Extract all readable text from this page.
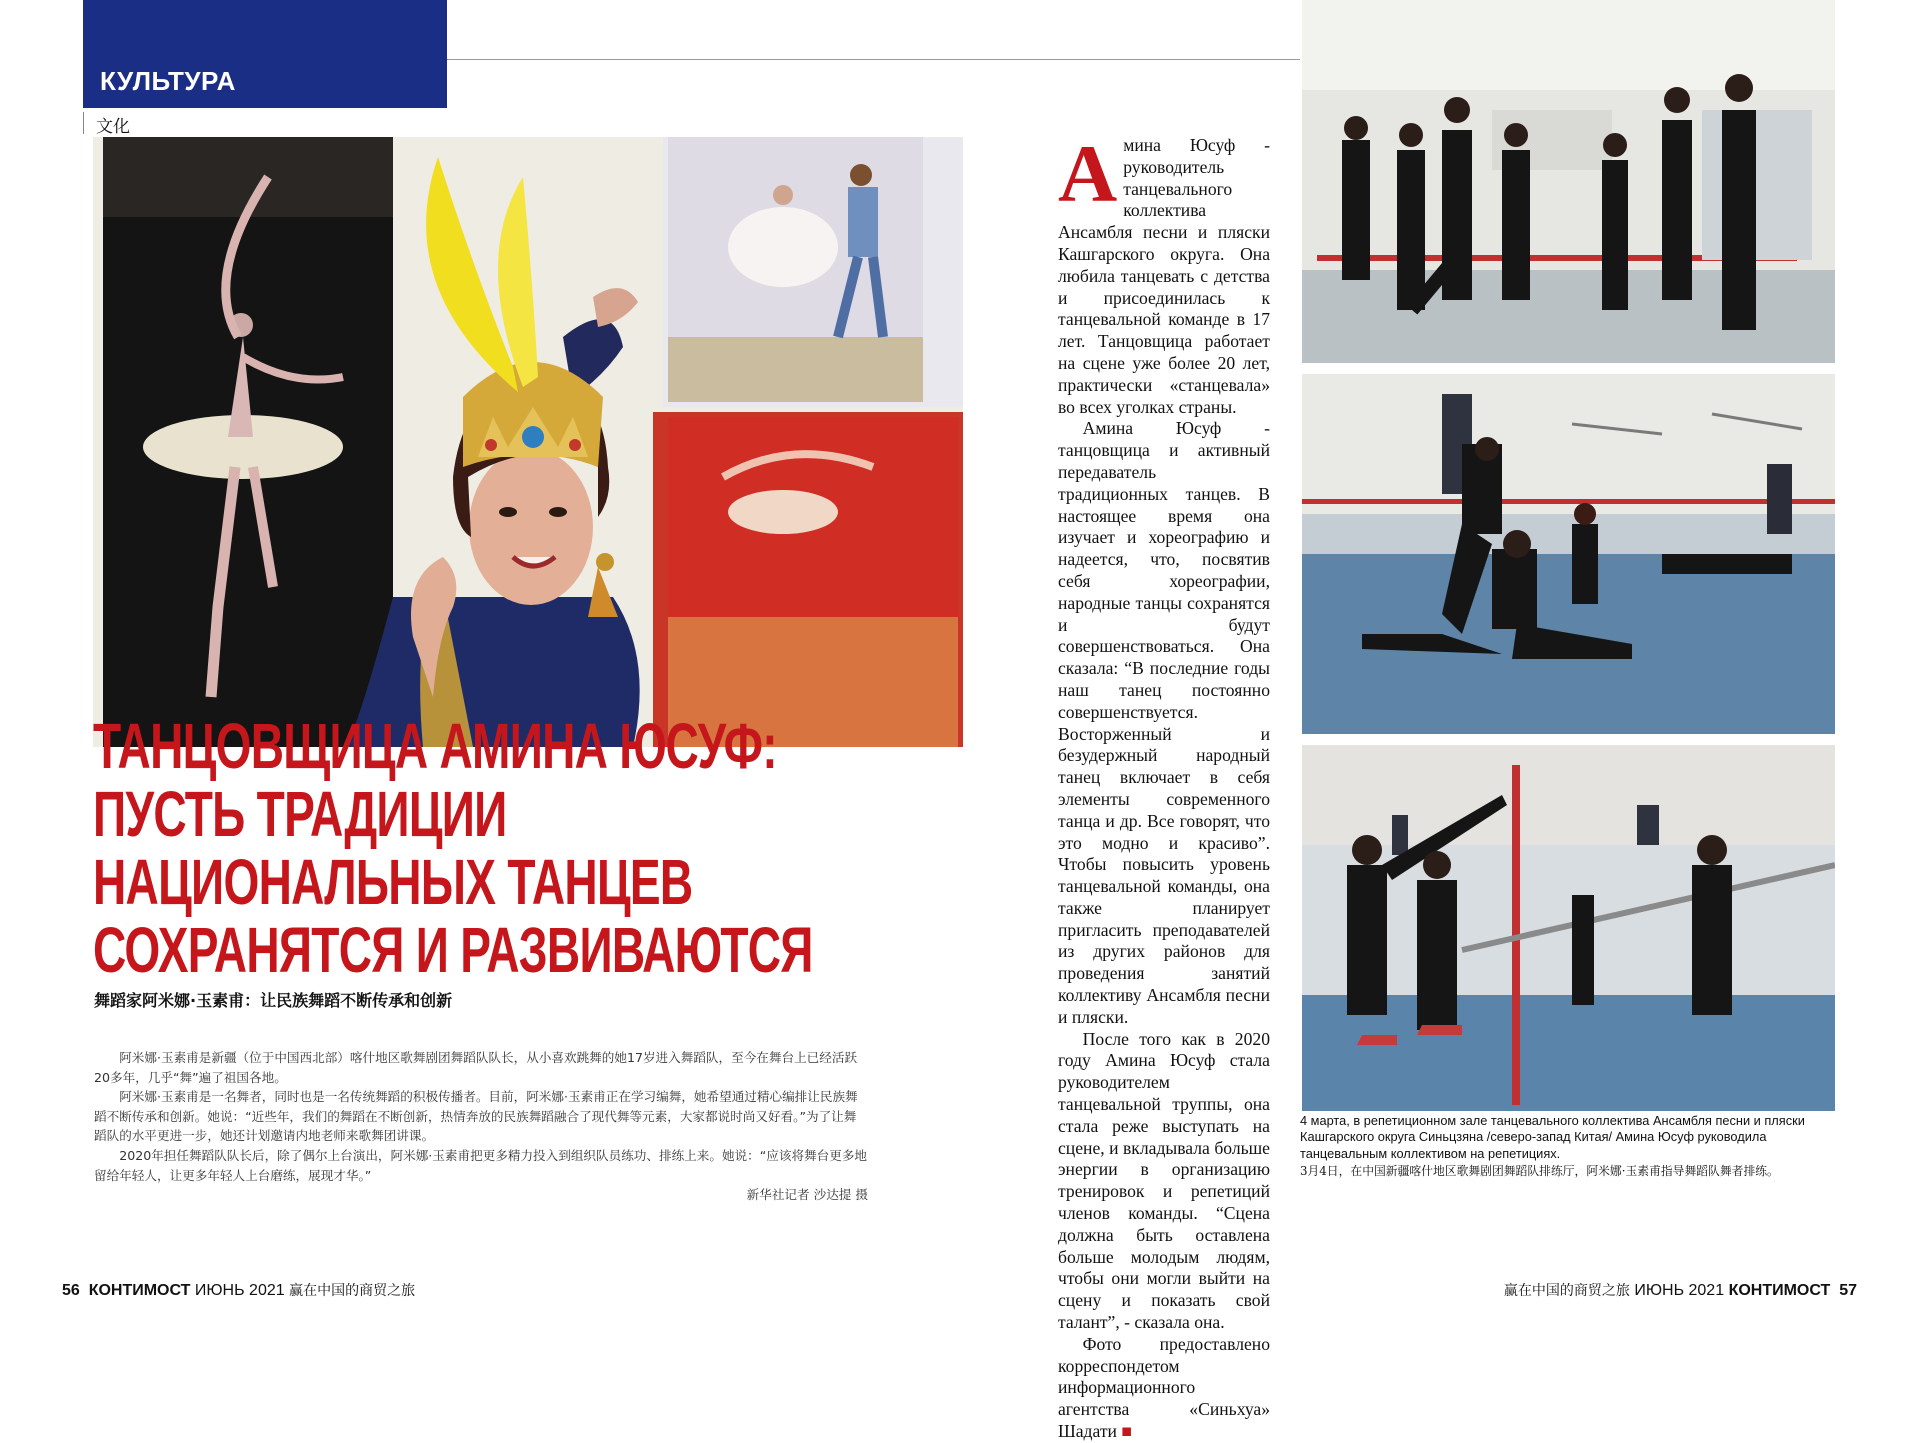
КУЛЬТУРА
文化
ТАНЦОВЩИЦА АМИНА ЮСУФ:
ПУСТЬ ТРАДИЦИИ
НАЦИОНАЛЬНЫХ ТАНЦЕВ
СОХРАНЯТСЯ И РАЗВИВАЮТСЯ
舞蹈家阿米娜·玉素甫：让民族舞蹈不断传承和创新

阿米娜·玉素甫是新疆（位于中国西北部）喀什地区歌舞剧团舞蹈队队长，从小喜欢跳舞的她17岁进入舞蹈队，至今在舞台上已经活跃20多年，几乎“舞”遍了祖国各地。

阿米娜·玉素甫是一名舞者，同时也是一名传统舞蹈的积极传播者。目前，阿米娜·玉素甫正在学习编舞，她希望通过精心编排让民族舞蹈不断传承和创新。她说：“近些年，我们的舞蹈在不断创新，热情奔放的民族舞蹈融合了现代舞等元素，大家都说时尚又好看。”为了让舞蹈队的水平更进一步，她还计划邀请内地老师来歌舞团讲课。

2020年担任舞蹈队队长后，除了偶尔上台演出，阿米娜·玉素甫把更多精力投入到组织队员练功、排练上来。她说：“应该将舞台更多地留给年轻人，让更多年轻人上台磨练，展现才华。”

新华社记者 沙达提 摄

Амина Юсуф - руководитель танцевального коллектива Ансамбля песни и пляски Кашгарского округа. Она любила танцевать с детства и присоединилась к танцевальной команде в 17 лет. Танцовщица работает на сцене уже более 20 лет, практически «станцевала» во всех уголках страны.

Амина Юсуф - танцовщица и активный передаватель традиционных танцев. В настоящее время она изучает и хореографию и надеется, что, посвятив себя хореографии, народные танцы сохранятся и будут совершенствоваться. Она сказала: “В последние годы наш танец постоянно совершенствуется. Восторженный и безудержный народный танец включает в себя элементы современного танца и др. Все говорят, что это модно и красиво”. Чтобы повысить уровень танцевальной команды, она также планирует пригласить преподавателей из других районов для проведения занятий коллективу Ансамбля песни и пляски.

После того как в 2020 году Амина Юсуф стала руководителем танцевальной труппы, она стала реже выступать на сцене, и вкладывала больше энергии в организацию тренировок и репетиций членов команды. “Сцена должна быть оставлена больше молодым людям, чтобы они могли выйти на сцену и показать свой талант”, - сказала она.

Фото предоставлено корреспондетом информационного агентства «Синьхуа» Шадати ■

4 марта, в репетиционном зале танцевального коллектива Ансамбля песни и пляски Кашгарского округа Синьцзяна /северо-запад Китая/ Амина Юсуф руководила танцевальным коллективом на репетициях.
3月4日，在中国新疆喀什地区歌舞剧团舞蹈队排练厅，阿米娜·玉素甫指导舞蹈队舞者排练。
56 КОНТИМОСТ ИЮНЬ 2021 赢在中国的商贸之旅	赢在中国的商贸之旅 ИЮНЬ 2021 КОНТИМОСТ 57
